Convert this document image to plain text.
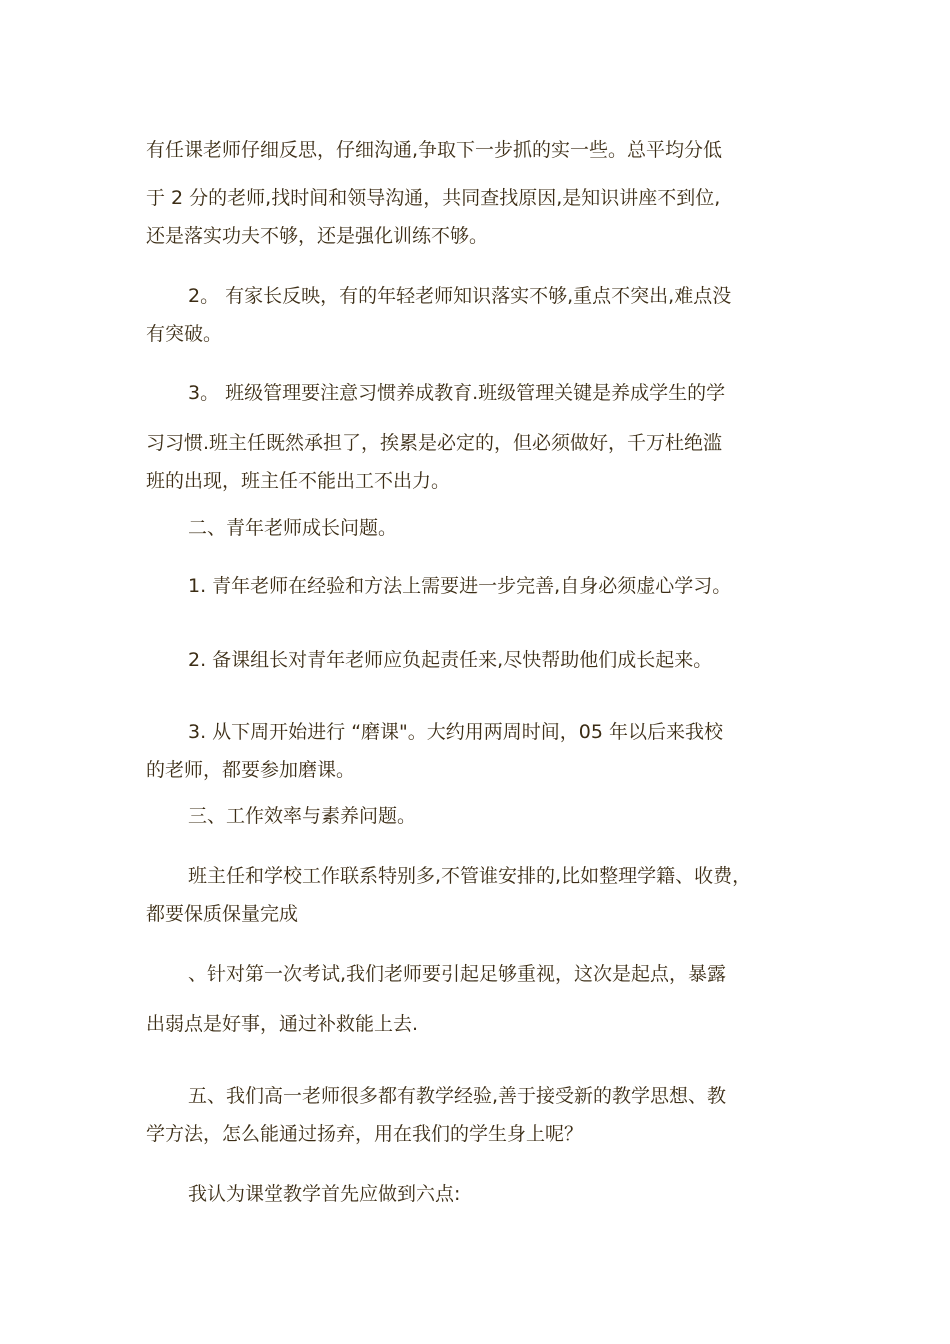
有任课老师仔细反思，仔细沟通,争取下一步抓的实一些。总平均分低

于 2 分的老师,找时间和领导沟通，共同查找原因,是知识讲座不到位,

还是落实功夫不够，还是强化训练不够。

2。 有家长反映，有的年轻老师知识落实不够,重点不突出,难点没

有突破。

3。 班级管理要注意习惯养成教育.班级管理关键是养成学生的学

习习惯.班主任既然承担了，挨累是必定的，但必须做好，千万杜绝滥

班的出现，班主任不能出工不出力。

二、青年老师成长问题。

1. 青年老师在经验和方法上需要进一步完善,自身必须虚心学习。

2. 备课组长对青年老师应负起责任来,尽快帮助他们成长起来。

3. 从下周开始进行 “磨课"。大约用两周时间，05 年以后来我校

的老师，都要参加磨课。

三、工作效率与素养问题。

班主任和学校工作联系特别多,不管谁安排的,比如整理学籍、收费，

都要保质保量完成

、针对第一次考试,我们老师要引起足够重视，这次是起点，暴露

出弱点是好事，通过补救能上去.

五、我们高一老师很多都有教学经验,善于接受新的教学思想、教

学方法，怎么能通过扬弃，用在我们的学生身上呢？

我认为课堂教学首先应做到六点:
